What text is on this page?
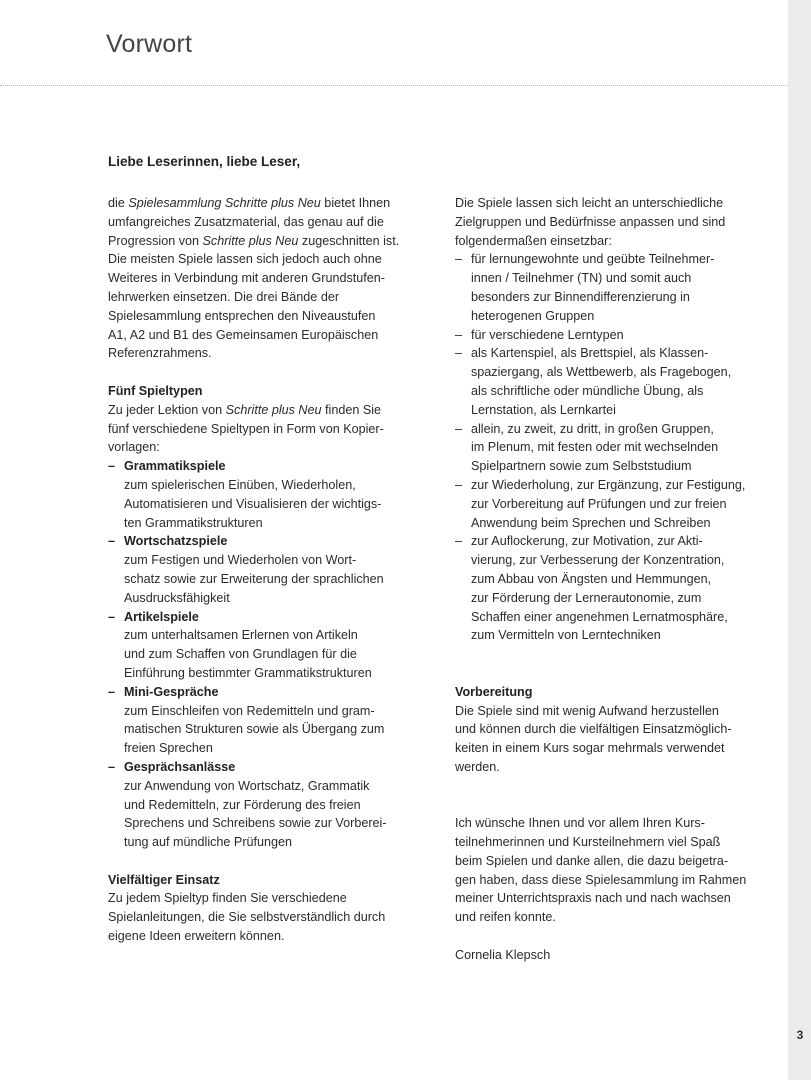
Vorwort
Liebe Leserinnen, liebe Leser,
die Spielesammlung Schritte plus Neu bietet Ihnen
umfangreiches Zusatzmaterial, das genau auf die
Progression von Schritte plus Neu zugeschnitten ist.
Die meisten Spiele lassen sich jedoch auch ohne
Weiteres in Verbindung mit anderen Grundstufen-
lehrwerken einsetzen. Die drei Bände der
Spielesammlung entsprechen den Niveaustufen
A1, A2 und B1 des Gemeinsamen Europäischen
Referenzrahmens.
Fünf Spieltypen
Zu jeder Lektion von Schritte plus Neu finden Sie
fünf verschiedene Spieltypen in Form von Kopier-
vorlagen:
– Grammatikspiele
zum spielerischen Einüben, Wiederholen,
Automatisieren und Visualisieren der wichtigs-
ten Grammatikstrukturen
– Wortschatzspiele
zum Festigen und Wiederholen von Wort-
schatz sowie zur Erweiterung der sprachlichen
Ausdrucksfähigkeit
– Artikelspiele
zum unterhaltsamen Erlernen von Artikeln
und zum Schaffen von Grundlagen für die
Einführung bestimmter Grammatikstrukturen
– Mini-Gespräche
zum Einschleifen von Redemitteln und gram-
matischen Strukturen sowie als Übergang zum
freien Sprechen
– Gesprächsanlässe
zur Anwendung von Wortschatz, Grammatik
und Redemitteln, zur Förderung des freien
Sprechens und Schreibens sowie zur Vorberei-
tung auf mündliche Prüfungen
Vielfältiger Einsatz
Zu jedem Spieltyp finden Sie verschiedene
Spielanleitungen, die Sie selbstverständlich durch
eigene Ideen erweitern können.
Die Spiele lassen sich leicht an unterschiedliche
Zielgruppen und Bedürfnisse anpassen und sind
folgendermaßen einsetzbar:
– für lernungewohnte und geübte Teilnehmer-
innen / Teilnehmer (TN) und somit auch
besonders zur Binnendifferenzierung in
heterogenen Gruppen
– für verschiedene Lerntypen
– als Kartenspiel, als Brettspiel, als Klassen-
spaziergang, als Wettbewerb, als Fragebogen,
als schriftliche oder mündliche Übung, als
Lernstation, als Lernkartei
– allein, zu zweit, zu dritt, in großen Gruppen,
im Plenum, mit festen oder mit wechselnden
Spielpartnern sowie zum Selbststudium
– zur Wiederholung, zur Ergänzung, zur Festigung,
zur Vorbereitung auf Prüfungen und zur freien
Anwendung beim Sprechen und Schreiben
– zur Auflockerung, zur Motivation, zur Akti-
vierung, zur Verbesserung der Konzentration,
zum Abbau von Ängsten und Hemmungen,
zur Förderung der Lernerautonomie, zum
Schaffen einer angenehmen Lernatmosphäre,
zum Vermitteln von Lerntechniken
Vorbereitung
Die Spiele sind mit wenig Aufwand herzustellen
und können durch die vielfältigen Einsatzmöglich-
keiten in einem Kurs sogar mehrmals verwendet
werden.
Ich wünsche Ihnen und vor allem Ihren Kurs-
teilnehmerinnen und Kursteilnehmern viel Spaß
beim Spielen und danke allen, die dazu beigetra-
gen haben, dass diese Spielesammlung im Rahmen
meiner Unterrichtspraxis nach und nach wachsen
und reifen konnte.
Cornelia Klepsch
3
